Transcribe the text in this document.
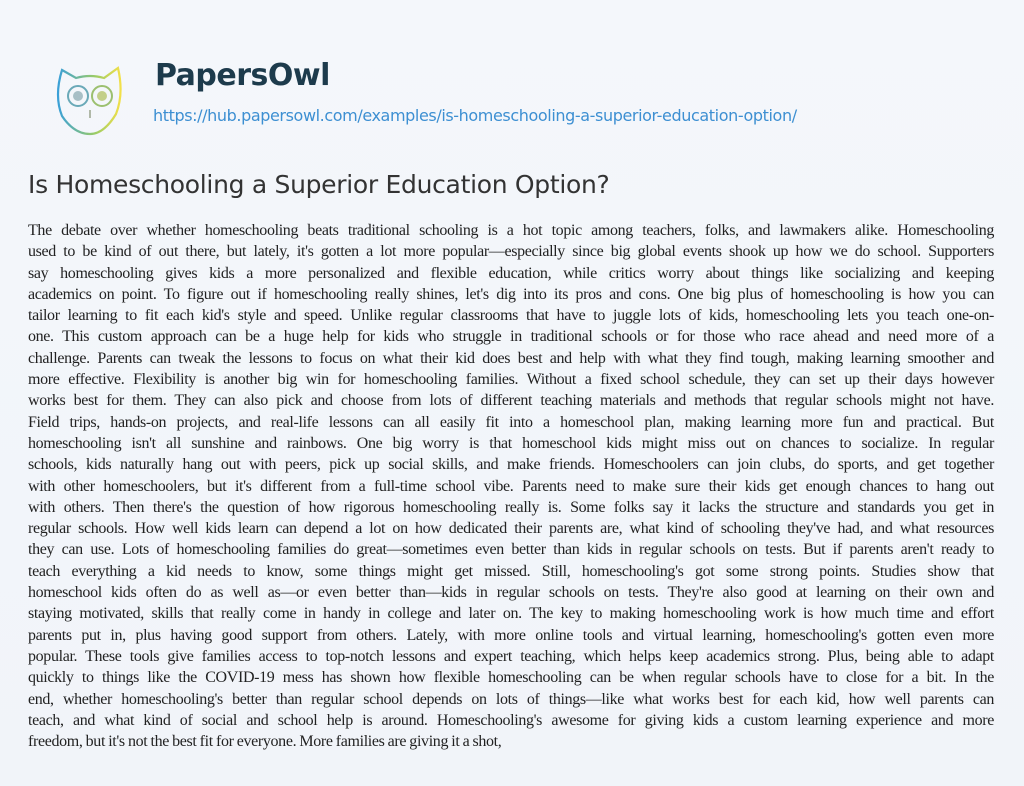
PapersOwl
https://hub.papersowl.com/examples/is-homeschooling-a-superior-education-option/
Is Homeschooling a Superior Education Option?
The debate over whether homeschooling beats traditional schooling is a hot topic among teachers, folks, and lawmakers alike. Homeschooling
used to be kind of out there, but lately, it's gotten a lot more popular—especially since big global events shook up how we do school. Supporters
say homeschooling gives kids a more personalized and flexible education, while critics worry about things like socializing and keeping
academics on point. To figure out if homeschooling really shines, let's dig into its pros and cons. One big plus of homeschooling is how you can
tailor learning to fit each kid's style and speed. Unlike regular classrooms that have to juggle lots of kids, homeschooling lets you teach one-on-
one. This custom approach can be a huge help for kids who struggle in traditional schools or for those who race ahead and need more of a
challenge. Parents can tweak the lessons to focus on what their kid does best and help with what they find tough, making learning smoother and
more effective. Flexibility is another big win for homeschooling families. Without a fixed school schedule, they can set up their days however
works best for them. They can also pick and choose from lots of different teaching materials and methods that regular schools might not have.
Field trips, hands-on projects, and real-life lessons can all easily fit into a homeschool plan, making learning more fun and practical. But
homeschooling isn't all sunshine and rainbows. One big worry is that homeschool kids might miss out on chances to socialize. In regular
schools, kids naturally hang out with peers, pick up social skills, and make friends. Homeschoolers can join clubs, do sports, and get together
with other homeschoolers, but it's different from a full-time school vibe. Parents need to make sure their kids get enough chances to hang out
with others. Then there's the question of how rigorous homeschooling really is. Some folks say it lacks the structure and standards you get in
regular schools. How well kids learn can depend a lot on how dedicated their parents are, what kind of schooling they've had, and what resources
they can use. Lots of homeschooling families do great—sometimes even better than kids in regular schools on tests. But if parents aren't ready to
teach everything a kid needs to know, some things might get missed. Still, homeschooling's got some strong points. Studies show that
homeschool kids often do as well as—or even better than—kids in regular schools on tests. They're also good at learning on their own and
staying motivated, skills that really come in handy in college and later on. The key to making homeschooling work is how much time and effort
parents put in, plus having good support from others. Lately, with more online tools and virtual learning, homeschooling's gotten even more
popular. These tools give families access to top-notch lessons and expert teaching, which helps keep academics strong. Plus, being able to adapt
quickly to things like the COVID-19 mess has shown how flexible homeschooling can be when regular schools have to close for a bit. In the
end, whether homeschooling's better than regular school depends on lots of things—like what works best for each kid, how well parents can
teach, and what kind of social and school help is around. Homeschooling's awesome for giving kids a custom learning experience and more
freedom, but it's not the best fit for everyone. More families are giving it a shot,
